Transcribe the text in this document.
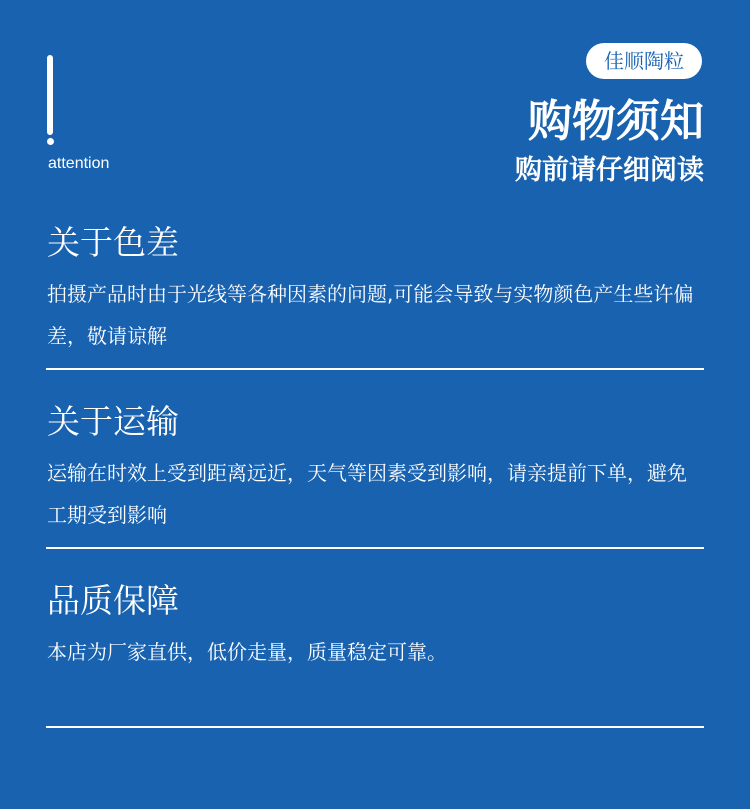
attention
佳顺陶粒
购物须知
购前请仔细阅读
关于色差

拍摄产品时由于光线等各种因素的问题,可能会导致与实物颜色产生些许偏差，敬请谅解

关于运输

运输在时效上受到距离远近，天气等因素受到影响，请亲提前下单，避免工期受到影响

品质保障

本店为厂家直供，低价走量，质量稳定可靠。
